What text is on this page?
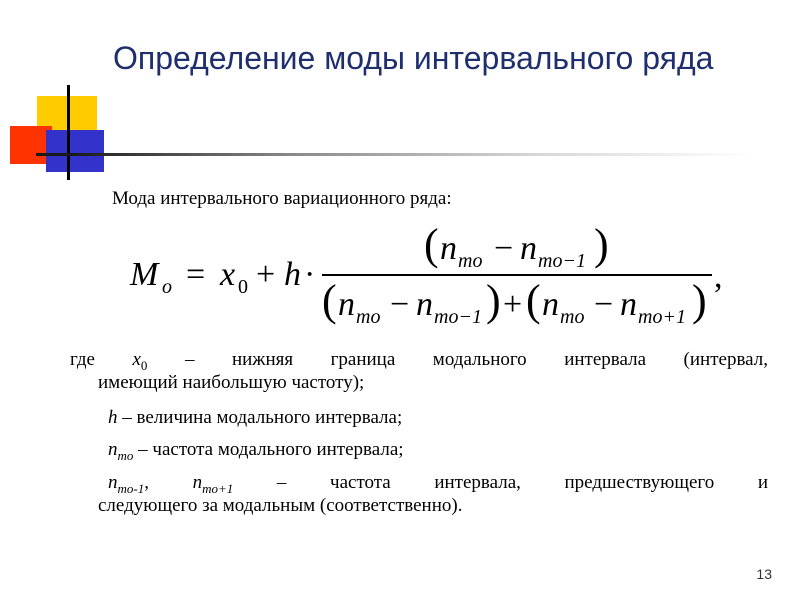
Определение моды интервального ряда
Мода интервального вариационного ряда:
M o = x 0 + h ·
( n mo − n mo−1 )
( n mo − n mo−1 ) + ( n mo − n mo+1 ) ,
где $x_0$ – нижняя граница модального интервала (интервал,
имеющий наибольшую частоту);
h – величина модального интервала;
$n_{mo}$ – частота модального интервала;
$n_{mo-1}$, $n_{mo+1}$ – частота интервала, предшествующего и
следующего за модальным (соответственно).
13
